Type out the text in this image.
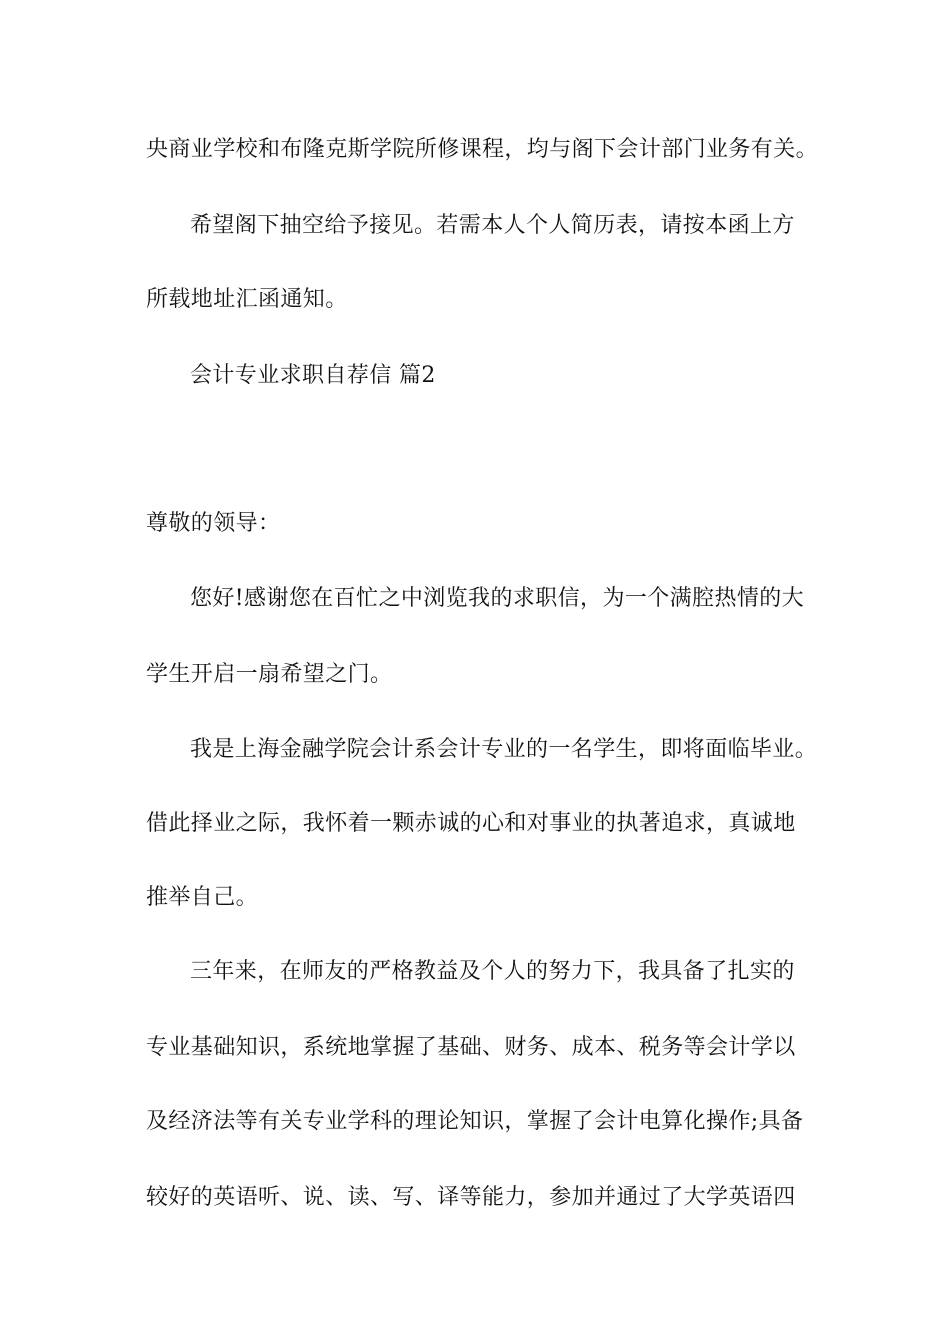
央商业学校和布隆克斯学院所修课程，均与阁下会计部门业务有关。
希望阁下抽空给予接见。若需本人个人简历表，请按本函上方
所载地址汇函通知。
会计专业求职自荐信 篇2
尊敬的领导：
您好!感谢您在百忙之中浏览我的求职信，为一个满腔热情的大
学生开启一扇希望之门。
我是上海金融学院会计系会计专业的一名学生，即将面临毕业。
借此择业之际，我怀着一颗赤诚的心和对事业的执著追求，真诚地
推举自己。
三年来，在师友的严格教益及个人的努力下，我具备了扎实的
专业基础知识，系统地掌握了基础、财务、成本、税务等会计学以
及经济法等有关专业学科的理论知识，掌握了会计电算化操作;具备
较好的英语听、说、读、写、译等能力，参加并通过了大学英语四
